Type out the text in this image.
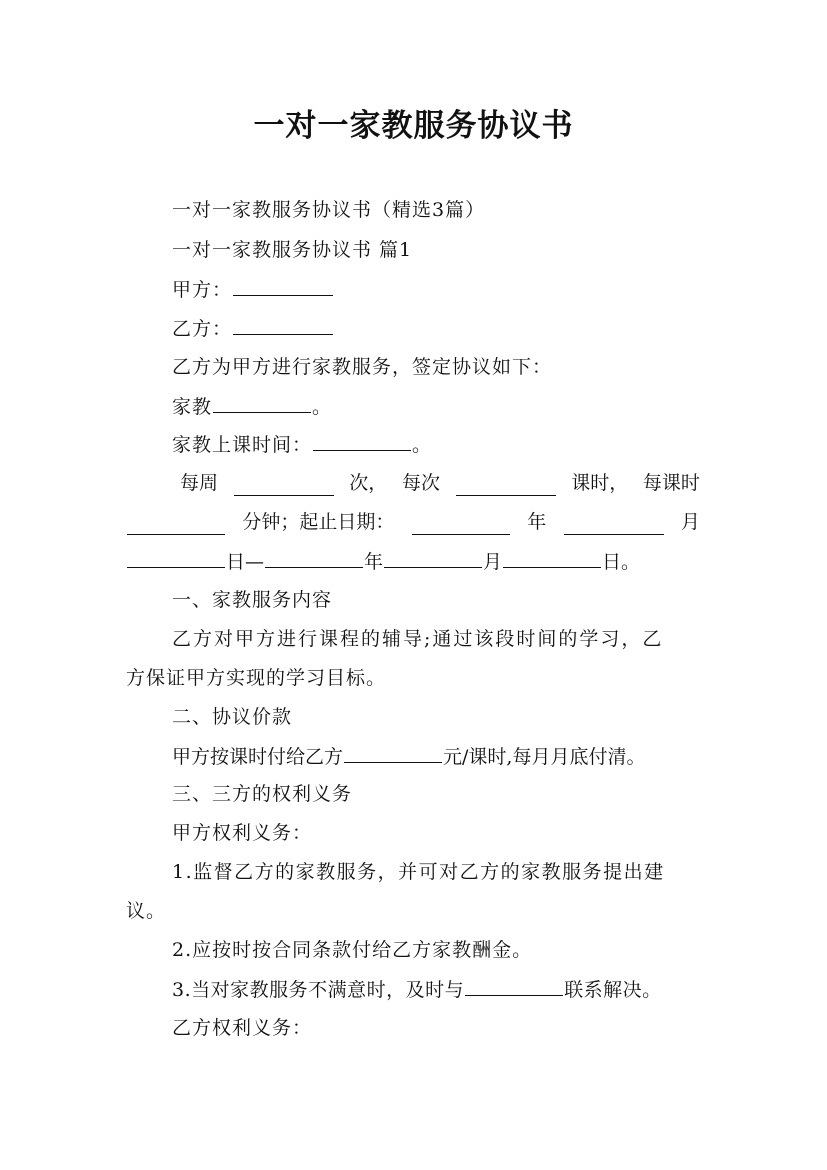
一对一家教服务协议书
一对一家教服务协议书（精选3篇）
一对一家教服务协议书 篇1
甲方：
乙方：
乙方为甲方进行家教服务，签定协议如下：
家教	。
家教上课时间：	。
每周	次， 每次	课时， 每课时
分钟；起止日期：	年	月
日—	年	月	日。
一、家教服务内容
乙方对甲方进行课程的辅导;通过该段时间的学习，乙
方保证甲方实现的学习目标。
二、协议价款
甲方按课时付给乙方	元/课时,每月月底付清。
三、三方的权利义务
甲方权利义务：
1.监督乙方的家教服务，并可对乙方的家教服务提出建
议。
2.应按时按合同条款付给乙方家教酬金。
3.当对家教服务不满意时，及时与	联系解决。
乙方权利义务：
